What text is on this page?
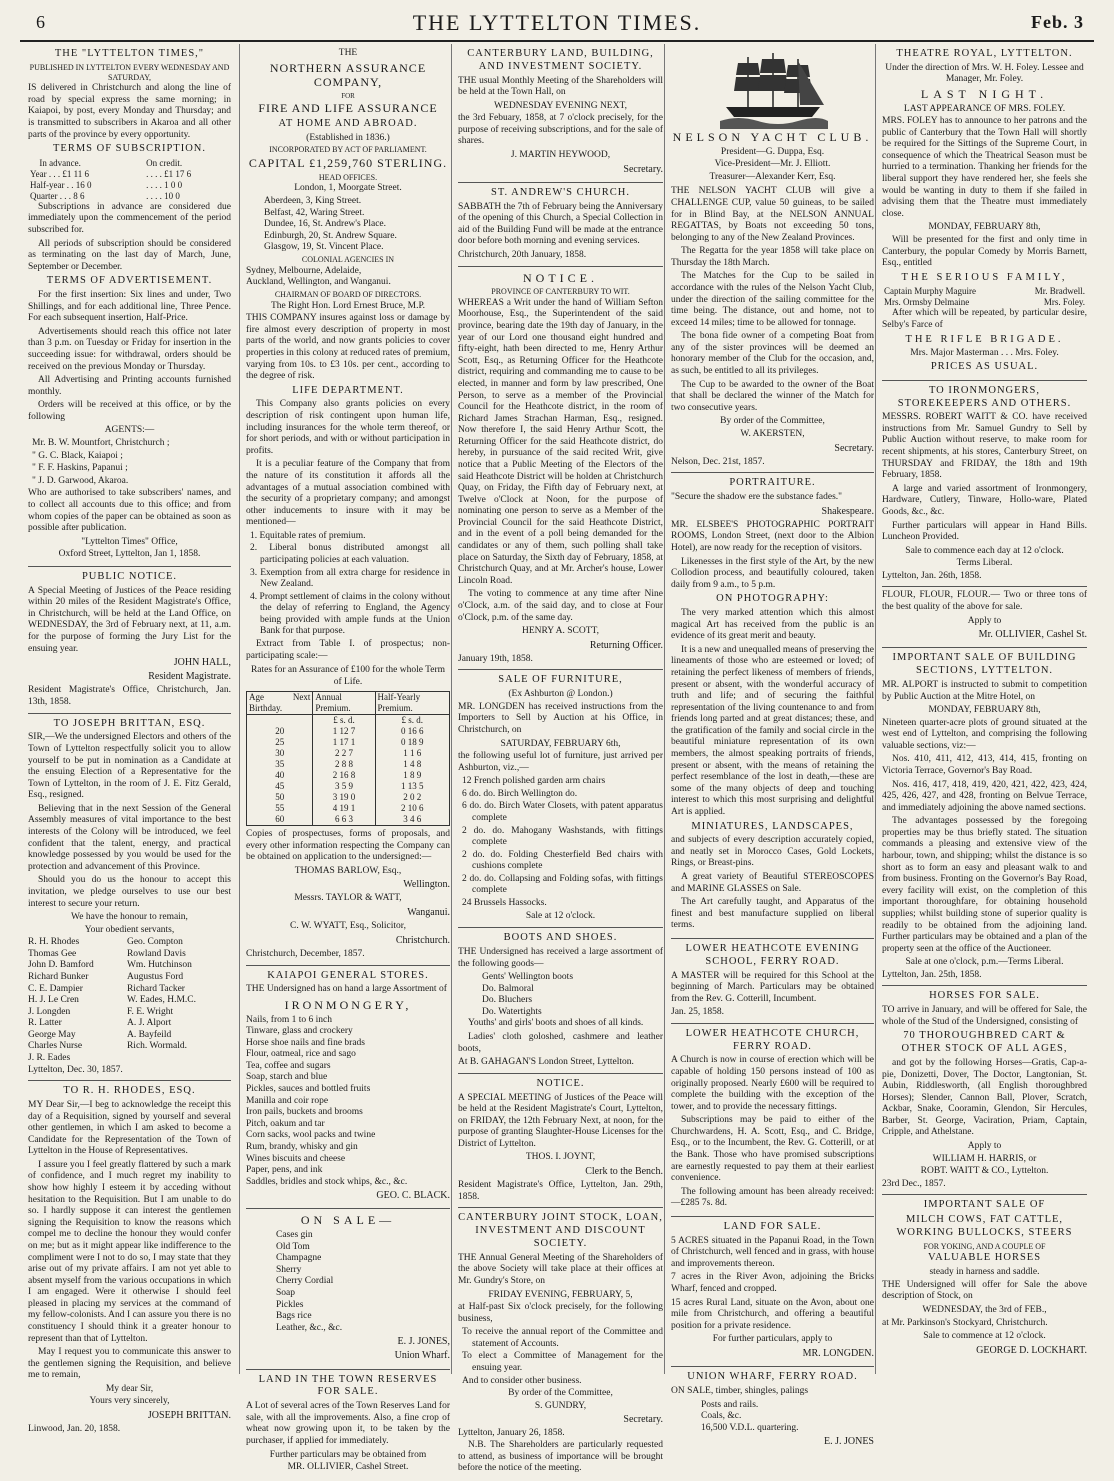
6	THE LYTTELTON TIMES.	Feb. 3
THE "LYTTELTON TIMES,"
PUBLISHED IN LYTTELTON EVERY WEDNESDAY AND SATURDAY,

IS delivered in Christchurch and along the line of road by special express the same morning; in Kaiapoi, by post, every Monday and Thursday; and is transmitted to subscribers in Akaroa and all other parts of the province by every opportunity.

TERMS OF SUBSCRIPTION.
	In advance.	On credit.
Year . . . £1 11 6		. . . . £1 17 6
Half-year . . 16 0		. . . . 1 0 0
Quarter . . . 8 6		. . . . 10 0

Subscriptions in advance are considered due immediately upon the commencement of the period subscribed for.

All periods of subscription should be considered as terminating on the last day of March, June, September or December.

TERMS OF ADVERTISEMENT.

For the first insertion: Six lines and under, Two Shillings, and for each additional line, Three Pence. For each subsequent insertion, Half-Price.

Advertisements should reach this office not later than 3 p.m. on Tuesday or Friday for insertion in the succeeding issue: for withdrawal, orders should be received on the previous Monday or Thursday.

All Advertising and Printing accounts furnished monthly.

Orders will be received at this office, or by the following

AGENTS:—
Mr. B. W. Mountfort, Christchurch ;
" G. C. Black, Kaiapoi ;
" F. F. Haskins, Papanui ;
" J. D. Garwood, Akaroa.

Who are authorised to take subscribers' names, and to collect all accounts due to this office; and from whom copies of the paper can be obtained as soon as possible after publication.

"Lyttelton Times" Office,
Oxford Street, Lyttelton, Jan 1, 1858.
PUBLIC NOTICE.

A Special Meeting of Justices of the Peace residing within 20 miles of the Resident Magistrate's Office, in Christchurch, will be held at the Land Office, on WEDNESDAY, the 3rd of February next, at 11, a.m. for the purpose of forming the Jury List for the ensuing year.

JOHN HALL,
Resident Magistrate.
Resident Magistrate's Office, Christchurch, Jan. 13th, 1858.
TO JOSEPH BRITTAN, ESQ.

SIR,—We the undersigned Electors and others of the Town of Lyttelton respectfully solicit you to allow yourself to be put in nomination as a Candidate at the ensuing Election of a Representative for the Town of Lyttelton, in the room of J. E. Fitz Gerald, Esq., resigned.

Believing that in the next Session of the General Assembly measures of vital importance to the best interests of the Colony will be introduced, we feel confident that the talent, energy, and practical knowledge possessed by you would be used for the protection and advancement of this Province.

Should you do us the honour to accept this invitation, we pledge ourselves to use our best interest to secure your return.

We have the honour to remain,
Your obedient servants,
R. H. Rhodes	Geo. Compton
Thomas Gee	Rowland Davis
John D. Bamford	Wm. Hutchinson
Richard Bunker	Augustus Ford
C. E. Dampier	Richard Tacker
H. J. Le Cren	W. Eades, H.M.C.
J. Longden	F. E. Wright
R. Latter	A. J. Alport
George May	A. Bayfeild
Charles Nurse	Rich. Wormald.
J. R. Eades	
Lyttelton, Dec. 30, 1857.
TO R. H. RHODES, ESQ.

MY Dear Sir,—I beg to acknowledge the receipt this day of a Requisition, signed by yourself and several other gentlemen, in which I am asked to become a Candidate for the Representation of the Town of Lyttelton in the House of Representatives.

I assure you I feel greatly flattered by such a mark of confidence, and I much regret my inability to show how highly I esteem it by acceding without hesitation to the Requisition. But I am unable to do so. I hardly suppose it can interest the gentlemen signing the Requisition to know the reasons which compel me to decline the honour they would confer on me; but as it might appear like indifference to the compliment were I not to do so, I may state that they arise out of my private affairs. I am not yet able to absent myself from the various occupations in which I am engaged. Were it otherwise I should feel pleased in placing my services at the command of my fellow-colonists. And I can assure you there is no constituency I should think it a greater honour to represent than that of Lyttelton.

May I request you to communicate this answer to the gentlemen signing the Requisition, and believe me to remain,

My dear Sir,
Yours very sincerely,
JOSEPH BRITTAN.
Linwood, Jan. 20, 1858.
THE
NORTHERN ASSURANCE COMPANY,
FOR
FIRE AND LIFE ASSURANCE
AT HOME AND ABROAD.
(Established in 1836.)
INCORPORATED BY ACT OF PARLIAMENT.
CAPITAL £1,259,760 STERLING.
HEAD OFFICES.
London, 1, Moorgate Street.
Aberdeen, 3, King Street.
Belfast, 42, Waring Street.
Dundee, 16, St. Andrew's Place.
Edinburgh, 20, St. Andrew Square.
Glasgow, 19, St. Vincent Place.
COLONIAL AGENCIES IN
Sydney, Melbourne, Adelaide,
Auckland, Wellington, and Wanganui.
CHAIRMAN OF BOARD OF DIRECTORS.
The Right Hon. Lord Ernest Bruce, M.P.

THIS COMPANY insures against loss or damage by fire almost every description of property in most parts of the world, and now grants policies to cover properties in this colony at reduced rates of premium, varying from 10s. to £3 10s. per cent., according to the degree of risk.

LIFE DEPARTMENT.

This Company also grants policies on every description of risk contingent upon human life, including insurances for the whole term thereof, or for short periods, and with or without participation in profits.

It is a peculiar feature of the Company that from the nature of its constitution it affords all the advantages of a mutual association combined with the security of a proprietary company; and amongst other inducements to insure with it may be mentioned—

1. Equitable rates of premium.
2. Liberal bonus distributed amongst all participating policies at each valuation.
3. Exemption from all extra charge for residence in New Zealand.
4. Prompt settlement of claims in the colony without the delay of referring to England, the Agency being provided with ample funds at the Union Bank for that purpose.

Extract from Table I. of prospectus; non-participating scale:—

Rates for an Assurance of £100 for the whole Term of Life.
Age Next Birthday.	Annual Premium.	Half-Yearly Premium.
	£ s. d.	£ s. d.
20	1 12 7	0 16 6
25	1 17 1	0 18 9
30	2 2 7	1 1 6
35	2 8 8	1 4 8
40	2 16 8	1 8 9
45	3 5 9	1 13 5
50	3 19 0	2 0 2
55	4 19 1	2 10 6
60	6 6 3	3 4 6

Copies of prospectuses, forms of proposals, and every other information respecting the Company can be obtained on application to the undersigned:—

THOMAS BARLOW, Esq.,
Wellington.
Messrs. TAYLOR & WATT,
Wanganui.
C. W. WYATT, Esq., Solicitor,
Christchurch.
Christchurch, December, 1857.
KAIAPOI GENERAL STORES.

THE Undersigned has on hand a large Assortment of

IRONMONGERY,
Nails, from 1 to 6 inch
Tinware, glass and crockery
Horse shoe nails and fine brads
Flour, oatmeal, rice and sago
Tea, coffee and sugars
Soap, starch and blue
Pickles, sauces and bottled fruits
Manilla and coir rope
Iron pails, buckets and brooms
Pitch, oakum and tar
Corn sacks, wool packs and twine
Rum, brandy, whisky and gin
Wines biscuits and cheese
Paper, pens, and ink
Saddles, bridles and stock whips, &c., &c.
GEO. C. BLACK.
ON SALE—
Cases gin
Old Tom
Champagne
Sherry
Cherry Cordial
Soap
Pickles
Bags rice
Leather, &c., &c.
E. J. JONES,
Union Wharf.
LAND IN THE TOWN RESERVES FOR SALE.

A Lot of several acres of the Town Reserves Land for sale, with all the improvements. Also, a fine crop of wheat now growing upon it, to be taken by the purchaser, if applied for immediately.

Further particulars may be obtained from
MR. OLLIVIER, Cashel Street.
CANTERBURY LAND, BUILDING, AND INVESTMENT SOCIETY.

THE usual Monthly Meeting of the Shareholders will be held at the Town Hall, on

WEDNESDAY EVENING NEXT,

the 3rd Febuary, 1858, at 7 o'clock precisely, for the purpose of receiving subscriptions, and for the sale of shares.

J. MARTIN HEYWOOD,
Secretary.
ST. ANDREW'S CHURCH.

SABBATH the 7th of February being the Anniversary of the opening of this Church, a Special Collection in aid of the Building Fund will be made at the entrance door before both morning and evening services.

Christchurch, 20th January, 1858.
NOTICE.
PROVINCE OF CANTERBURY TO WIT.

WHEREAS a Writ under the hand of William Sefton Moorhouse, Esq., the Superintendent of the said province, bearing date the 19th day of January, in the year of our Lord one thousand eight hundred and fifty-eight, hath been directed to me, Henry Arthur Scott, Esq., as Returning Officer for the Heathcote district, requiring and commanding me to cause to be elected, in manner and form by law prescribed, One Person, to serve as a member of the Provincial Council for the Heathcote district, in the room of Richard James Strachan Harman, Esq., resigned. Now therefore I, the said Henry Arthur Scott, the Returning Officer for the said Heathcote district, do hereby, in pursuance of the said recited Writ, give notice that a Public Meeting of the Electors of the said Heathcote District will be holden at Christchurch Quay, on Friday, the Fifth day of February next, at Twelve o'Clock at Noon, for the purpose of nominating one person to serve as a Member of the Provincial Council for the said Heathcote District, and in the event of a poll being demanded for the candidates or any of them, such polling shall take place on Saturday, the Sixth day of February, 1858, at Christchurch Quay, and at Mr. Archer's house, Lower Lincoln Road.

The voting to commence at any time after Nine o'Clock, a.m. of the said day, and to close at Four o'Clock, p.m. of the same day.

HENRY A. SCOTT,
Returning Officer.
January 19th, 1858.
SALE OF FURNITURE,
(Ex Ashburton @ London.)

MR. LONGDEN has received instructions from the Importers to Sell by Auction at his Office, in Christchurch, on

SATURDAY, FEBRUARY 6th,

the following useful lot of furniture, just arrived per Ashburton, viz.,—

12 French polished garden arm chairs
6 do. do. Birch Wellington do.
6 do. do. Birch Water Closets, with patent apparatus complete
2 do. do. Mahogany Washstands, with fittings complete
2 do. do. Folding Chesterfield Bed chairs with cushions complete
2 do. do. Collapsing and Folding sofas, with fittings complete
24 Brussels Hassocks.
Sale at 12 o'clock.
BOOTS AND SHOES.

THE Undersigned has received a large assortment of the following goods—

Gents' Wellington boots
Do. Balmoral
Do. Bluchers
Do. Watertights

Youths' and girls' boots and shoes of all kinds.

Ladies' cloth goloshed, cashmere and leather boots,

At B. GAHAGAN'S London Street, Lyttelton.
NOTICE.

A SPECIAL MEETING of Justices of the Peace will be held at the Resident Magistrate's Court, Lyttelton, on FRIDAY, the 12th February Next, at noon, for the purpose of granting Slaughter-House Licenses for the District of Lyttelton.

THOS. I. JOYNT,
Clerk to the Bench.
Resident Magistrate's Office, Lyttelton, Jan. 29th, 1858.
CANTERBURY JOINT STOCK, LOAN, INVESTMENT AND DISCOUNT SOCIETY.

THE Annual General Meeting of the Shareholders of the above Society will take place at their offices at Mr. Gundry's Store, on

FRIDAY EVENING, FEBRUARY, 5,

at Half-past Six o'clock precisely, for the following business,

To receive the annual report of the Committee and statement of Accounts.
To elect a Committee of Management for the ensuing year.
And to consider other business.
By order of the Committee,
S. GUNDRY,
Secretary.
Lyttelton, January 26, 1858.

N.B. The Shareholders are particularly requested to attend, as business of importance will be brought before the notice of the meeting.

NELSON YACHT CLUB.
President—G. Duppa, Esq.
Vice-President—Mr. J. Elliott.
Treasurer—Alexander Kerr, Esq.

THE NELSON YACHT CLUB will give a CHALLENGE CUP, value 50 guineas, to be sailed for in Blind Bay, at the NELSON ANNUAL REGATTAS, by Boats not exceeding 50 tons, belonging to any of the New Zealand Provinces.

The Regatta for the year 1858 will take place on Thursday the 18th March.

The Matches for the Cup to be sailed in accordance with the rules of the Nelson Yacht Club, under the direction of the sailing committee for the time being. The distance, out and home, not to exceed 14 miles; time to be allowed for tonnage.

The bona fide owner of a competing Boat from any of the sister provinces will be deemed an honorary member of the Club for the occasion, and, as such, be entitled to all its privileges.

The Cup to be awarded to the owner of the Boat that shall be declared the winner of the Match for two consecutive years.

By order of the Committee,
W. AKERSTEN,
Secretary.
Nelson, Dec. 21st, 1857.
PORTRAITURE.
"Secure the shadow ere the substance fades."
Shakespeare.

MR. ELSBEE'S PHOTOGRAPHIC PORTRAIT ROOMS, London Street, (next door to the Albion Hotel), are now ready for the reception of visitors.

Likenesses in the first style of the Art, by the new Collodion process, and beautifully coloured, taken daily from 9 a.m., to 5 p.m.

ON PHOTOGRAPHY:

The very marked attention which this almost magical Art has received from the public is an evidence of its great merit and beauty.

It is a new and unequalled means of preserving the lineaments of those who are esteemed or loved; of retaining the perfect likeness of members of friends, present or absent, with the wonderful accuracy of truth and life; and of securing the faithful representation of the living countenance to and from friends long parted and at great distances; these, and the gratification of the family and social circle in the beautiful miniature representation of its own members, the almost speaking portraits of friends, present or absent, with the means of retaining the perfect resemblance of the lost in death,—these are some of the many objects of deep and touching interest to which this most surprising and delightful Art is applied.

MINIATURES, LANDSCAPES,

and subjects of every description accurately copied, and neatly set in Morocco Cases, Gold Lockets, Rings, or Breast-pins.

A great variety of Beautiful STEREOSCOPES and MARINE GLASSES on Sale.

The Art carefully taught, and Apparatus of the finest and best manufacture supplied on liberal terms.

LOWER HEATHCOTE EVENING SCHOOL, FERRY ROAD.

A MASTER will be required for this School at the beginning of March. Particulars may be obtained from the Rev. G. Cotterill, Incumbent.

Jan. 25, 1858.
LOWER HEATHCOTE CHURCH, FERRY ROAD.

A Church is now in course of erection which will be capable of holding 150 persons instead of 100 as originally proposed. Nearly £600 will be required to complete the building with the exception of the tower, and to provide the necessary fittings.

Subscriptions may be paid to either of the Churchwardens, H. A. Scott, Esq., and C. Bridge, Esq., or to the Incumbent, the Rev. G. Cotterill, or at the Bank. Those who have promised subscriptions are earnestly requested to pay them at their earliest convenience.

The following amount has been already received:—£285 7s. 8d.

LAND FOR SALE.

5 ACRES situated in the Papanui Road, in the Town of Christchurch, well fenced and in grass, with house and improvements thereon.

7 acres in the River Avon, adjoining the Bricks Wharf, fenced and cropped.

15 acres Rural Land, situate on the Avon, about one mile from Christchurch, and offering a beautiful position for a private residence.

For further particulars, apply to
MR. LONGDEN.
UNION WHARF, FERRY ROAD.

ON SALE, timber, shingles, palings

Posts and rails.
Coals, &c.
16,500 V.D.L. quartering.
E. J. JONES
THEATRE ROYAL, LYTTELTON.
Under the direction of Mrs. W. H. Foley. Lessee and Manager, Mr. Foley.
LAST NIGHT.
LAST APPEARANCE OF MRS. FOLEY.

MRS. FOLEY has to announce to her patrons and the public of Canterbury that the Town Hall will shortly be required for the Sittings of the Supreme Court, in consequence of which the Theatrical Season must be hurried to a termination. Thanking her friends for the liberal support they have rendered her, she feels she would be wanting in duty to them if she failed in advising them that the Theatre must immediately close.

MONDAY, FEBRUARY 8th,

Will be presented for the first and only time in Canterbury, the popular Comedy by Morris Barnett, Esq., entitled

THE SERIOUS FAMILY,
Captain Murphy Maguire	Mr. Bradwell.
Mrs. Ormsby Delmaine	Mrs. Foley.

After which will be repeated, by particular desire, Selby's Farce of

THE RIFLE BRIGADE.
Mrs. Major Masterman . . . Mrs. Foley.
PRICES AS USUAL.
TO IRONMONGERS, STOREKEEPERS AND OTHERS.

MESSRS. ROBERT WAITT & CO. have received instructions from Mr. Samuel Gundry to Sell by Public Auction without reserve, to make room for recent shipments, at his stores, Canterbury Street, on THURSDAY and FRIDAY, the 18th and 19th February, 1858.

A large and varied assortment of Ironmongery, Hardware, Cutlery, Tinware, Hollo-ware, Plated Goods, &c., &c.

Further particulars will appear in Hand Bills. Luncheon Provided.

Sale to commence each day at 12 o'clock.
Terms Liberal.
Lyttelton, Jan. 26th, 1858.

FLOUR, FLOUR, FLOUR.— Two or three tons of the best quality of the above for sale.

Apply to
Mr. OLLIVIER, Cashel St.
IMPORTANT SALE OF BUILDING SECTIONS, LYTTELTON.

MR. ALPORT is instructed to submit to competition by Public Auction at the Mitre Hotel, on

MONDAY, FEBRUARY 8th,

Nineteen quarter-acre plots of ground situated at the west end of Lyttelton, and comprising the following valuable sections, viz:—

Nos. 410, 411, 412, 413, 414, 415, fronting on Victoria Terrace, Governor's Bay Road.

Nos. 416, 417, 418, 419, 420, 421, 422, 423, 424, 425, 426, 427, and 428, fronting on Belvue Terrace, and immediately adjoining the above named sections.

The advantages possessed by the foregoing properties may be thus briefly stated. The situation commands a pleasing and extensive view of the harbour, town, and shipping; whilst the distance is so short as to form an easy and pleasant walk to and from business. Fronting on the Governor's Bay Road, every facility will exist, on the completion of this important thoroughfare, for obtaining household supplies; whilst building stone of superior quality is readily to be obtained from the adjoining land. Further particulars may be obtained and a plan of the property seen at the office of the Auctioneer.

Sale at one o'clock, p.m.—Terms Liberal.
Lyttelton, Jan. 25th, 1858.
HORSES FOR SALE.

TO arrive in January, and will be offered for Sale, the whole of the Stud of the Undersigned, consisting of

70 THOROUGHBRED CART & OTHER STOCK OF ALL AGES,

and got by the following Horses—Gratis, Cap-a-pie, Donizetti, Dover, The Doctor, Langtonian, St. Aubin, Riddlesworth, (all English thoroughbred Horses); Slender, Cannon Ball, Plover, Scratch, Ackbar, Snake, Cooramin, Glendon, Sir Hercules, Barber, St. George, Vaciration, Priam, Captain, Cripple, and Athelstane.

Apply to
WILLIAM H. HARRIS, or
ROBT. WAITT & CO., Lyttelton.
23rd Dec., 1857.
IMPORTANT SALE OF
MILCH COWS, FAT CATTLE, WORKING BULLOCKS, STEERS
FOR YOKING, AND A COUPLE OF
VALUABLE HORSES
steady in harness and saddle.

THE Undersigned will offer for Sale the above description of Stock, on

WEDNESDAY, the 3rd of FEB.,

at Mr. Parkinson's Stockyard, Christchurch.

Sale to commence at 12 o'clock.
GEORGE D. LOCKHART.
